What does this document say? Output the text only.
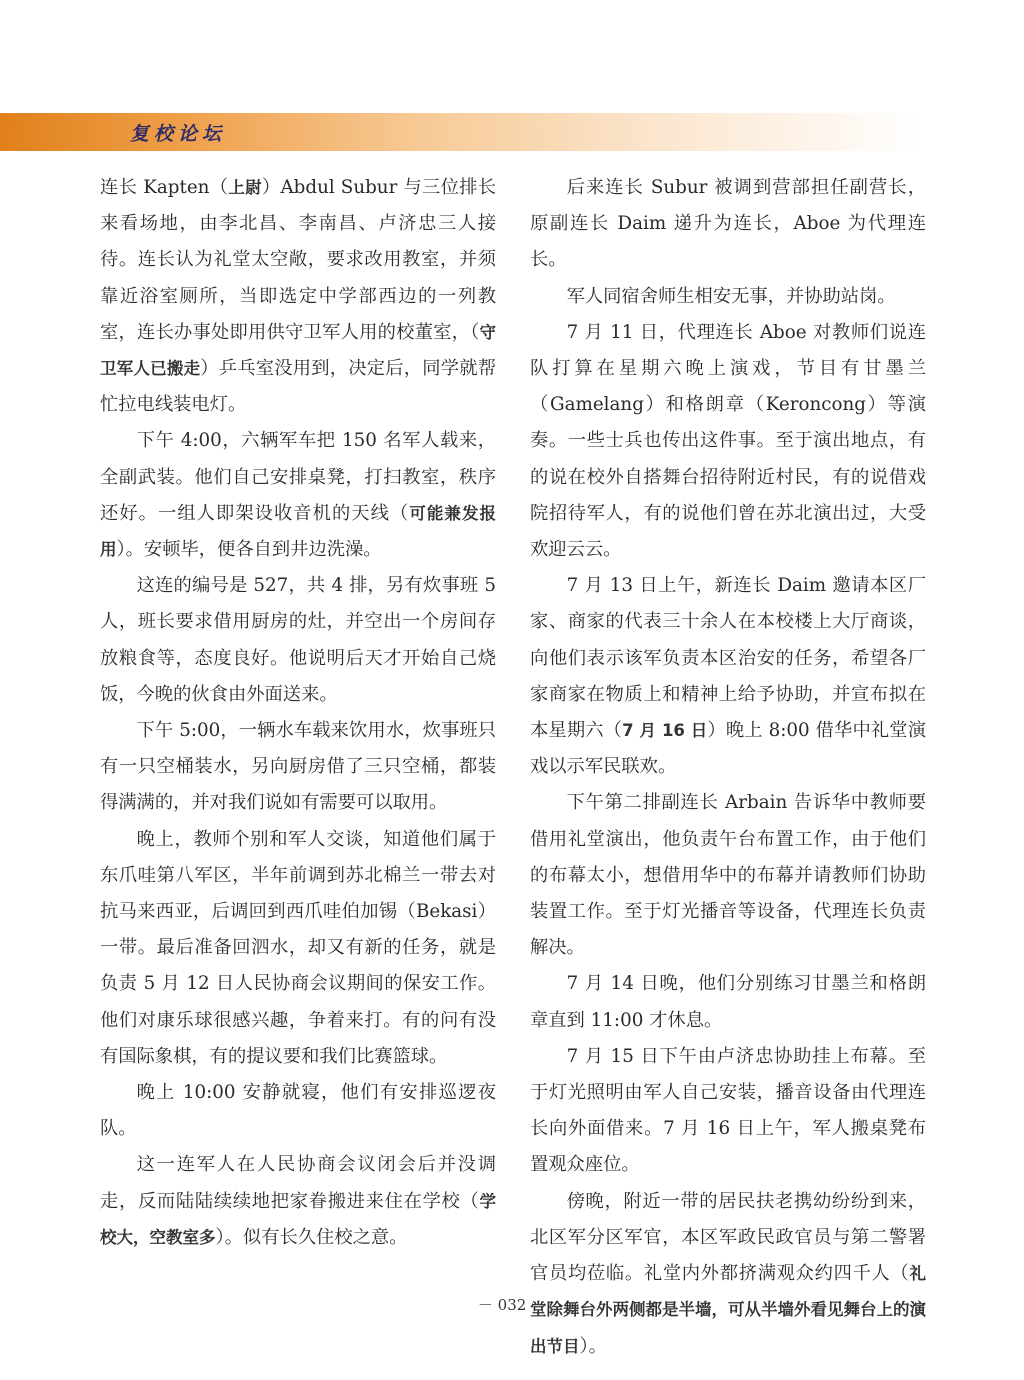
复校论坛

连长 Kapten（上尉）Abdul Subur 与三位排长来看场地，由李北昌、李南昌、卢济忠三人接待。连长认为礼堂太空敞，要求改用教室，并须靠近浴室厕所，当即选定中学部西边的一列教室，连长办事处即用供守卫军人用的校董室，（守卫军人已搬走）乒乓室没用到，决定后，同学就帮忙拉电线装电灯。

下午 4:00，六辆军车把 150 名军人载来，全副武装。他们自己安排桌凳，打扫教室，秩序还好。一组人即架设收音机的天线（可能兼发报用）。安顿毕，便各自到井边洗澡。

这连的编号是 527，共 4 排，另有炊事班 5 人，班长要求借用厨房的灶，并空出一个房间存放粮食等，态度良好。他说明后天才开始自己烧饭，今晚的伙食由外面送来。

下午 5:00，一辆水车载来饮用水，炊事班只有一只空桶装水，另向厨房借了三只空桶，都装得满满的，并对我们说如有需要可以取用。

晚上，教师个别和军人交谈，知道他们属于东爪哇第八军区，半年前调到苏北棉兰一带去对抗马来西亚，后调回到西爪哇伯加锡（Bekasi）一带。最后准备回泗水，却又有新的任务，就是负责 5 月 12 日人民协商会议期间的保安工作。他们对康乐球很感兴趣，争着来打。有的问有没有国际象棋，有的提议要和我们比赛篮球。

晚上 10:00 安静就寝，他们有安排巡逻夜队。

这一连军人在人民协商会议闭会后并没调走，反而陆陆续续地把家眷搬进来住在学校（学校大，空教室多）。似有长久住校之意。

后来连长 Subur 被调到营部担任副营长，原副连长 Daim 递升为连长，Aboe 为代理连长。

军人同宿舍师生相安无事，并协助站岗。

7 月 11 日，代理连长 Aboe 对教师们说连队打算在星期六晚上演戏，节目有甘墨兰（Gamelang）和格朗章（Keroncong）等演奏。一些士兵也传出这件事。至于演出地点，有的说在校外自搭舞台招待附近村民，有的说借戏院招待军人，有的说他们曾在苏北演出过，大受欢迎云云。

7 月 13 日上午，新连长 Daim 邀请本区厂家、商家的代表三十余人在本校楼上大厅商谈，向他们表示该军负责本区治安的任务，希望各厂家商家在物质上和精神上给予协助，并宣布拟在本星期六（7 月 16 日）晚上 8:00 借华中礼堂演戏以示军民联欢。

下午第二排副连长 Arbain 告诉华中教师要借用礼堂演出，他负责午台布置工作，由于他们的布幕太小，想借用华中的布幕并请教师们协助装置工作。至于灯光播音等设备，代理连长负责解决。

7 月 14 日晚，他们分别练习甘墨兰和格朗章直到 11:00 才休息。

7 月 15 日下午由卢济忠协助挂上布幕。至于灯光照明由军人自己安装，播音设备由代理连长向外面借来。7 月 16 日上午，军人搬桌凳布置观众座位。

傍晚，附近一带的居民扶老携幼纷纷到来，北区军分区军官，本区军政民政官员与第二警署官员均莅临。礼堂内外都挤满观众约四千人（礼堂除舞台外两侧都是半墙，可从半墙外看见舞台上的演出节目）。

－ 032 －
